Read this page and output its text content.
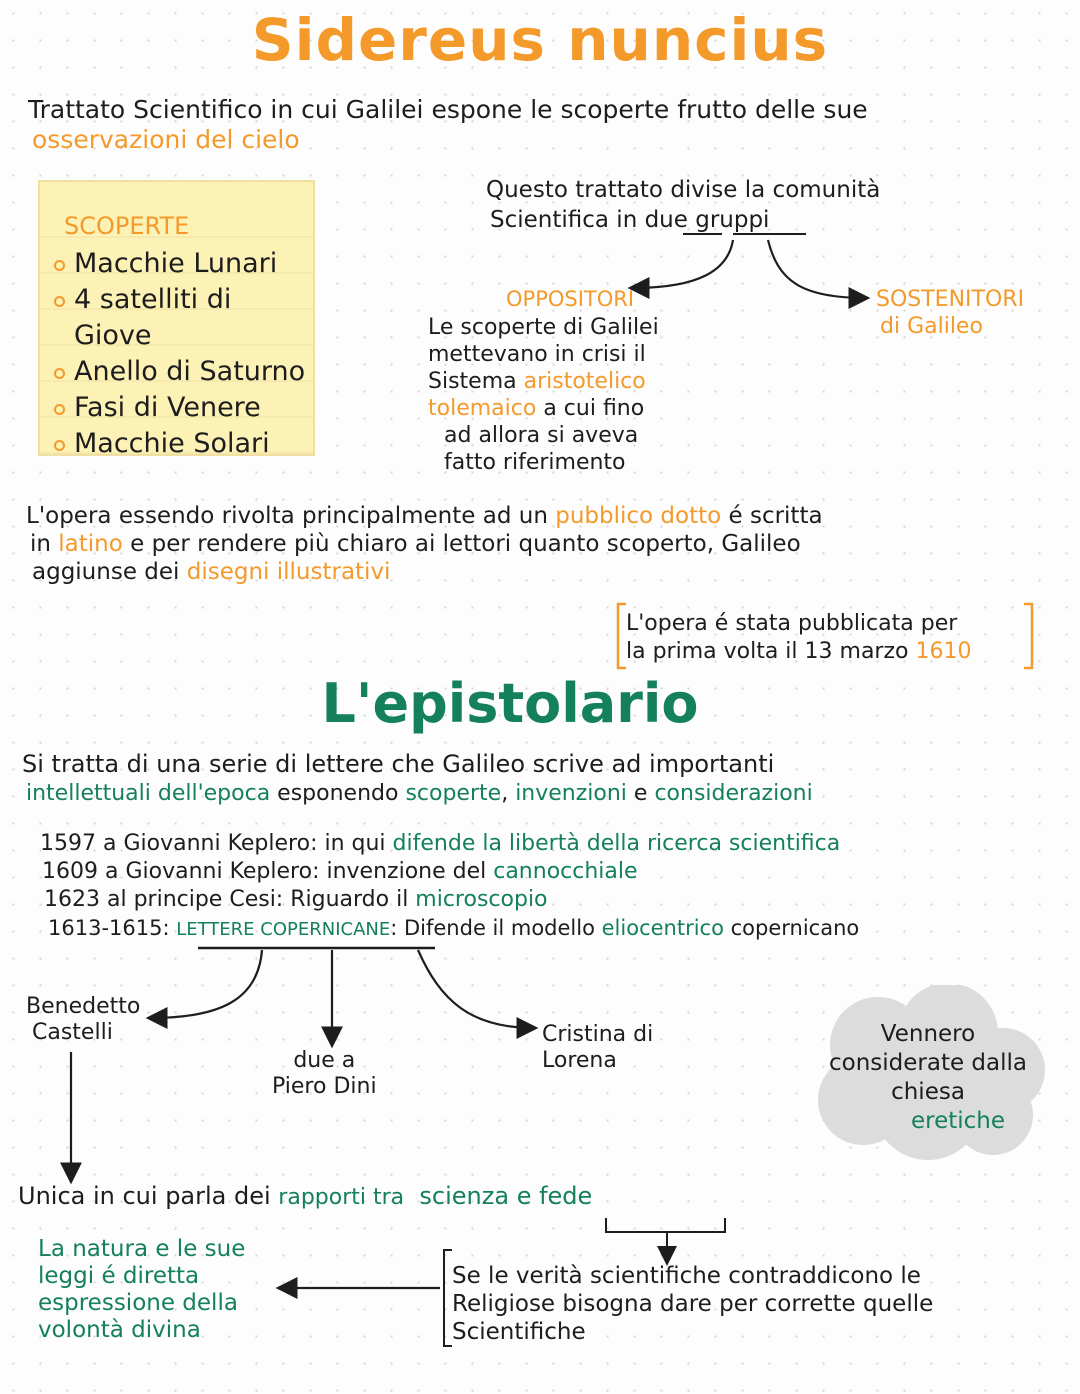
Sidereus nuncius
Trattato Scientifico in cui Galilei espone le scoperte frutto delle sue
osservazioni del cielo
SCOPERTE
Macchie Lunari
4 satelliti di
Giove
Anello di Saturno
Fasi di Venere
Macchie Solari
Questo trattato divise la comunità
Scientifica in due gruppi
OPPOSITORI
Le scoperte di Galilei
mettevano in crisi il
Sistema aristotelico
tolemaico a cui fino
ad allora si aveva
fatto riferimento
SOSTENITORI
di Galileo
L'opera essendo rivolta principalmente ad un pubblico dotto é scritta
in latino e per rendere più chiaro ai lettori quanto scoperto, Galileo
aggiunse dei disegni illustrativi
L'opera é stata pubblicata per
la prima volta il 13 marzo 1610
L'epistolario
Si tratta di una serie di lettere che Galileo scrive ad importanti
intellettuali dell'epoca esponendo scoperte, invenzioni e considerazioni
1597 a Giovanni Keplero: in qui difende la libertà della ricerca scientifica
1609 a Giovanni Keplero: invenzione del cannocchiale
1623 al principe Cesi: Riguardo il microscopio
1613-1615: LETTERE COPERNICANE: Difende il modello eliocentrico copernicano
Benedetto
Castelli
due a
Piero Dini
Cristina di
Lorena
Vennero
considerate dalla
chiesa
eretiche
Unica in cui parla dei rapporti tra scienza e fede
La natura e le sue
leggi é diretta
espressione della
volontà divina
Se le verità scientifiche contraddicono le
Religiose bisogna dare per corrette quelle
Scientifiche
